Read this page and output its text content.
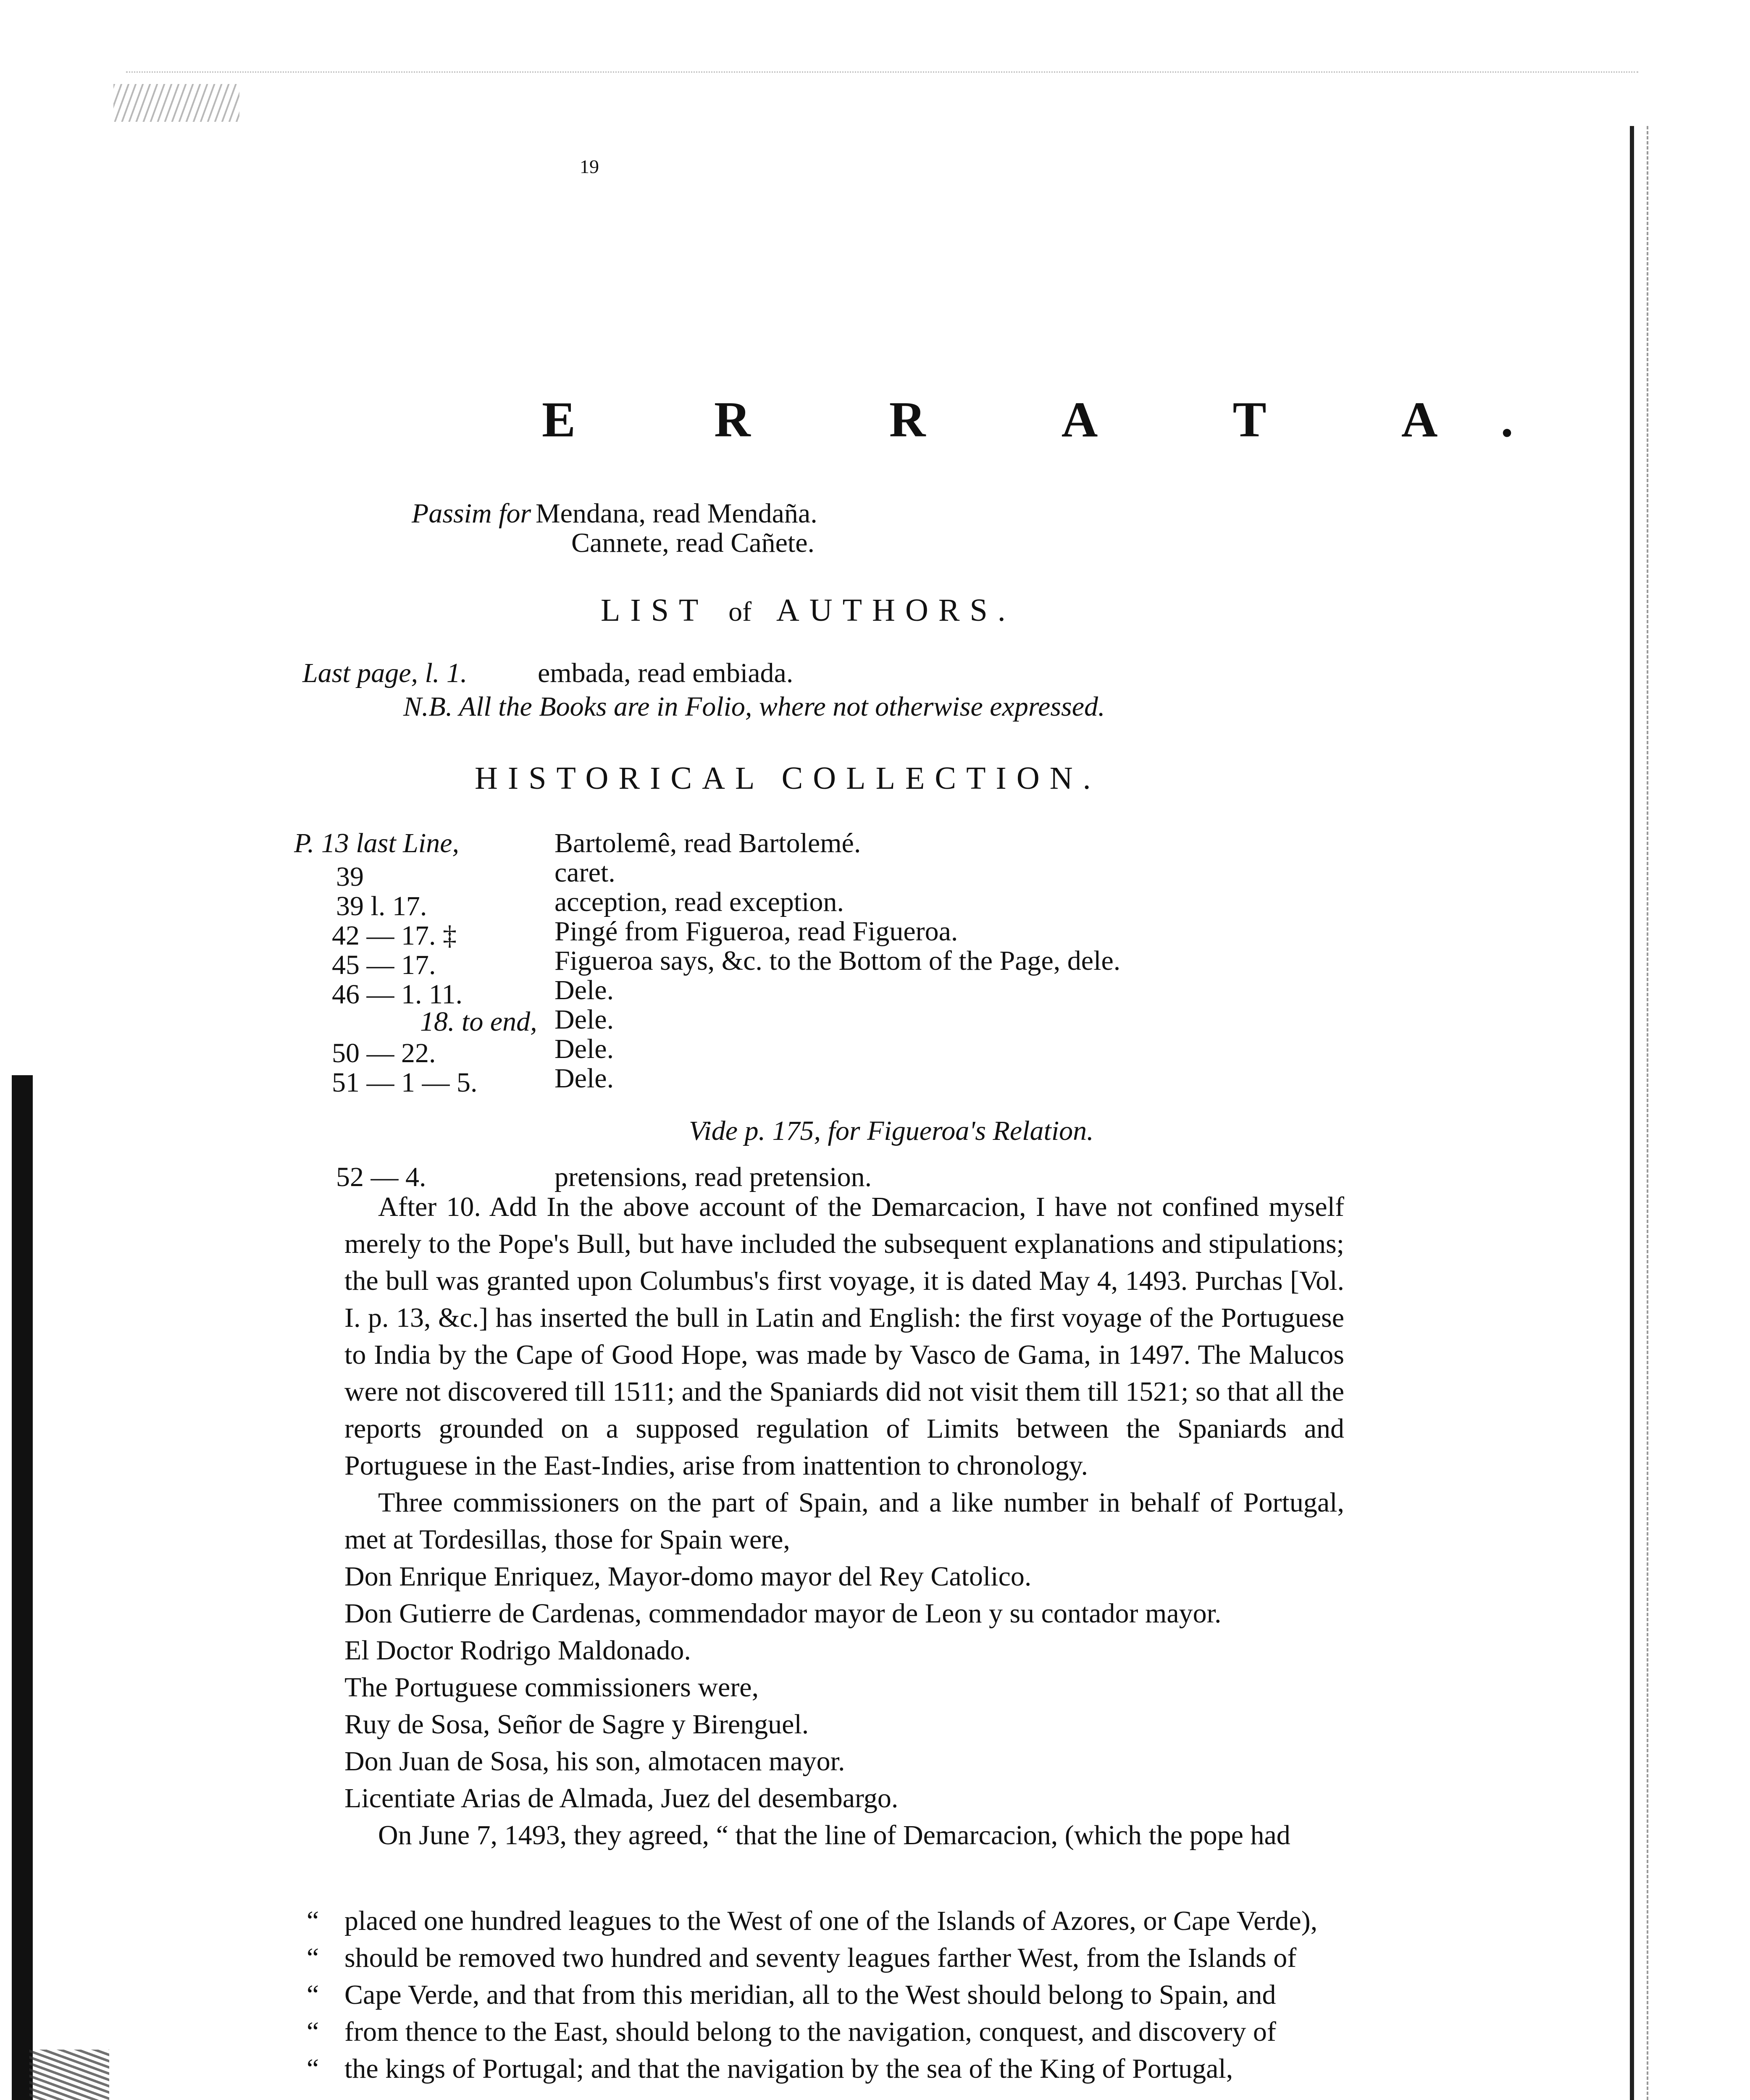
19
E R R A T A.
Passim for Mendana, read Mendaña.
Cannete, read Cañete.
LIST of AUTHORS.
Last page, l. 1.	embada, read embiada.
N.B. All the Books are in Folio, where not otherwise expressed.
HISTORICAL COLLECTION.
P. 13 last Line,	Bartolemê, read Bartolemé.
39	caret.
39 l. 17.	acception, read exception.
42 — 17. ‡	Pingé from Figueroa, read Figueroa.
45 — 17.	Figueroa says, &c. to the Bottom of the Page, dele.
46 — 1. 11.	Dele.
18. to end, Dele.
50 — 22.	Dele.
51 — 1 — 5.	Dele.
Vide p. 175, for Figueroa's Relation.
52 — 4.	pretensions, read pretension.

After 10. Add In the above account of the Demarcacion, I have not confined myself merely to the Pope's Bull, but have included the subsequent explanations and stipulations; the bull was granted upon Columbus's first voyage, it is dated May 4, 1493. Purchas [Vol. I. p. 13, &c.] has inserted the bull in Latin and English: the first voyage of the Portuguese to India by the Cape of Good Hope, was made by Vasco de Gama, in 1497. The Malucos were not discovered till 1511; and the Spaniards did not visit them till 1521; so that all the reports grounded on a supposed regulation of Limits between the Spaniards and Portuguese in the East-Indies, arise from inattention to chronology.

Three commissioners on the part of Spain, and a like number in behalf of Portugal, met at Tordesillas, those for Spain were,

Don Enrique Enriquez, Mayor-domo mayor del Rey Catolico.
Don Gutierre de Cardenas, commendador mayor de Leon y su contador mayor.
El Doctor Rodrigo Maldonado.
The Portuguese commissioners were,
Ruy de Sosa, Señor de Sagre y Birenguel.
Don Juan de Sosa, his son, almotacen mayor.
Licentiate Arias de Almada, Juez del desembargo.

On June 7, 1493, they agreed, “ that the line of Demarcacion, (which the pope had

“ placed one hundred leagues to the West of one of the Islands of Azores, or Cape Verde),
“ should be removed two hundred and seventy leagues farther West, from the Islands of
“ Cape Verde, and that from this meridian, all to the West should belong to Spain, and
“ from thence to the East, should belong to the navigation, conquest, and discovery of
“ the kings of Portugal; and that the navigation by the sea of the King of Portugal,
